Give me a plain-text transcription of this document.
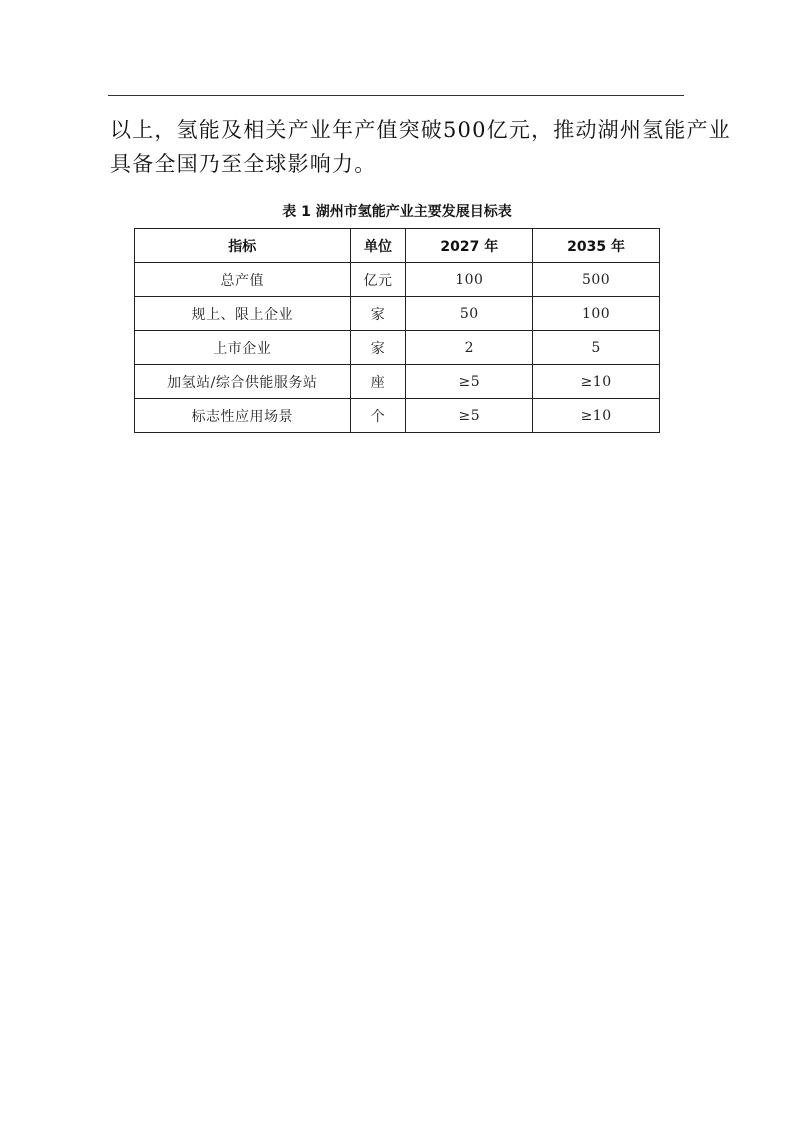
以上，氢能及相关产业年产值突破500亿元，推动湖州氢能产业
具备全国乃至全球影响力。

表 1 湖州市氢能产业主要发展目标表
指标	单位	2027 年	2035 年
总产值	亿元	100	500
规上、限上企业	家	50	100
上市企业	家	2	5
加氢站/综合供能服务站	座	≥5	≥10
标志性应用场景	个	≥5	≥10
